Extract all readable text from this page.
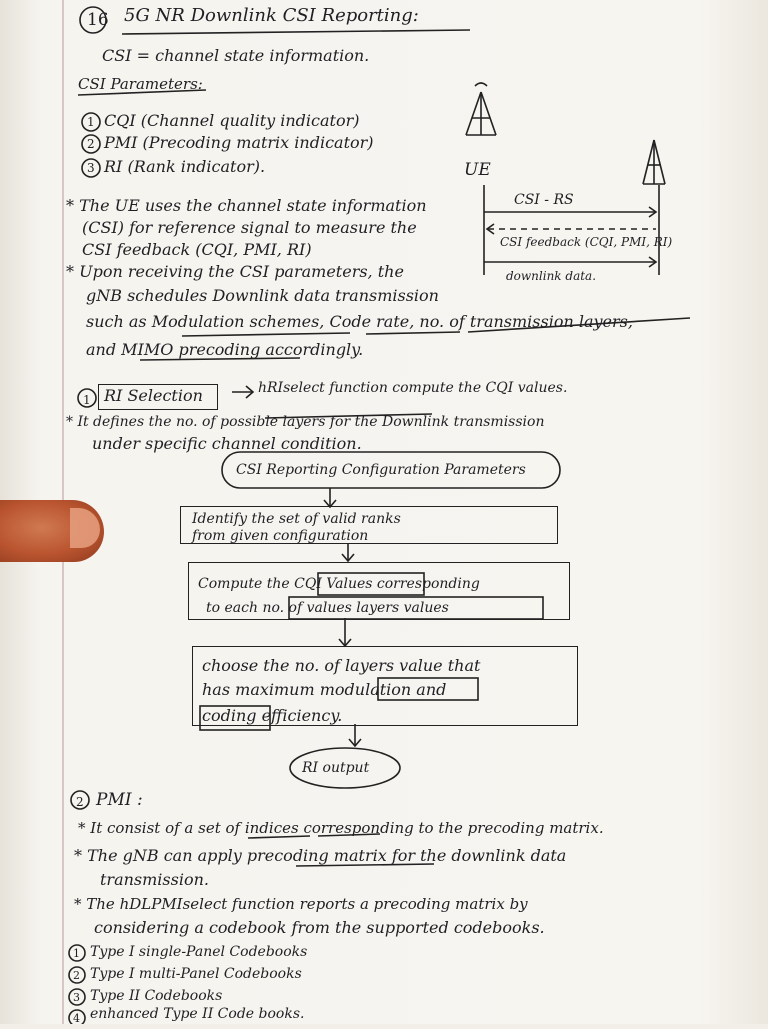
16 5G NR Downlink CSI Reporting:
CSI = channel state information.
CSI Parameters:
1 CQI (Channel quality indicator)
2 PMI (Precoding matrix indicator)
3 RI (Rank indicator).	UE
CSI - RS
CSI feedback (CQI, PMI, RI)
downlink data.
* The UE uses the channel state information
(CSI) for reference signal to measure the
CSI feedback (CQI, PMI, RI)
* Upon receiving the CSI parameters, the
gNB schedules Downlink data transmission
such as Modulation schemes, Code rate, no. of transmission layers,
and MIMO precoding accordingly.
1 RI Selection	hRIselect function compute the CQI values.
* It defines the no. of possible layers for the Downlink transmission
under specific channel condition.
CSI Reporting Configuration Parameters
Identify the set of valid ranks
from given configuration
Compute the CQI Values corresponding
to each no. of values layers values
choose the no. of layers value that
has maximum modulation and
coding efficiency.
RI output
2 PMI :
* It consist of a set of indices corresponding to the precoding matrix.
* The gNB can apply precoding matrix for the downlink data
transmission.
* The hDLPMIselect function reports a precoding matrix by
considering a codebook from the supported codebooks.
1 Type I single-Panel Codebooks
2 Type I multi-Panel Codebooks
3 Type II Codebooks
4 enhanced Type II Code books.
